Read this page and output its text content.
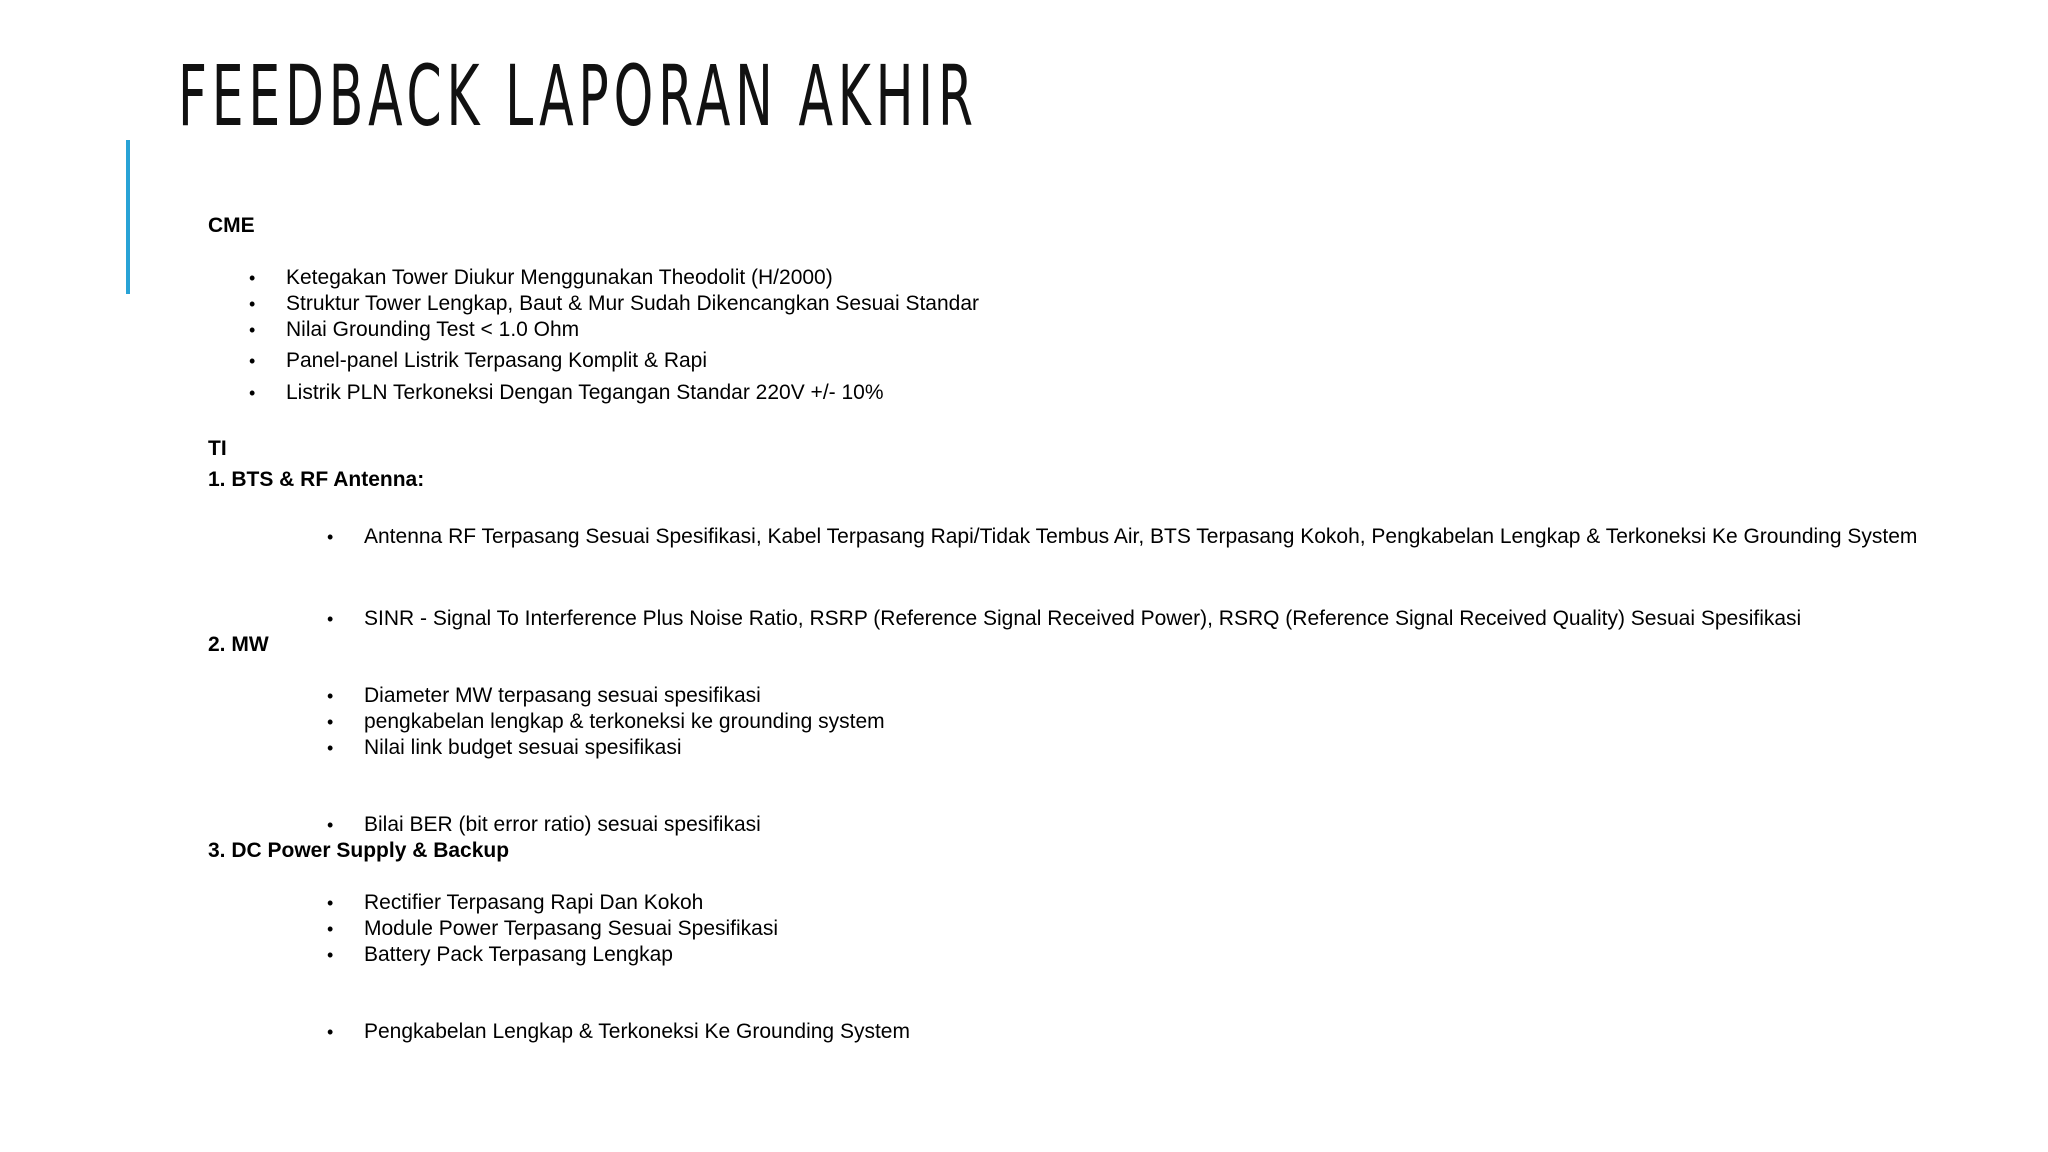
FEEDBACK LAPORAN AKHIR
CME
• Ketegakan Tower Diukur Menggunakan Theodolit (H/2000)
• Struktur Tower Lengkap, Baut & Mur Sudah Dikencangkan Sesuai Standar
• Nilai Grounding Test < 1.0 Ohm
• Panel-panel Listrik Terpasang Komplit & Rapi
• Listrik PLN Terkoneksi Dengan Tegangan Standar 220V +/- 10%
TI
1. BTS & RF Antenna:
• Antenna RF Terpasang Sesuai Spesifikasi, Kabel Terpasang Rapi/Tidak Tembus Air, BTS Terpasang Kokoh, Pengkabelan Lengkap & Terkoneksi Ke Grounding System
• SINR - Signal To Interference Plus Noise Ratio, RSRP (Reference Signal Received Power), RSRQ (Reference Signal Received Quality) Sesuai Spesifikasi
2. MW
• Diameter MW terpasang sesuai spesifikasi
• pengkabelan lengkap & terkoneksi ke grounding system
• Nilai link budget sesuai spesifikasi
• Bilai BER (bit error ratio) sesuai spesifikasi
3. DC Power Supply & Backup
• Rectifier Terpasang Rapi Dan Kokoh
• Module Power Terpasang Sesuai Spesifikasi
• Battery Pack Terpasang Lengkap
• Pengkabelan Lengkap & Terkoneksi Ke Grounding System
